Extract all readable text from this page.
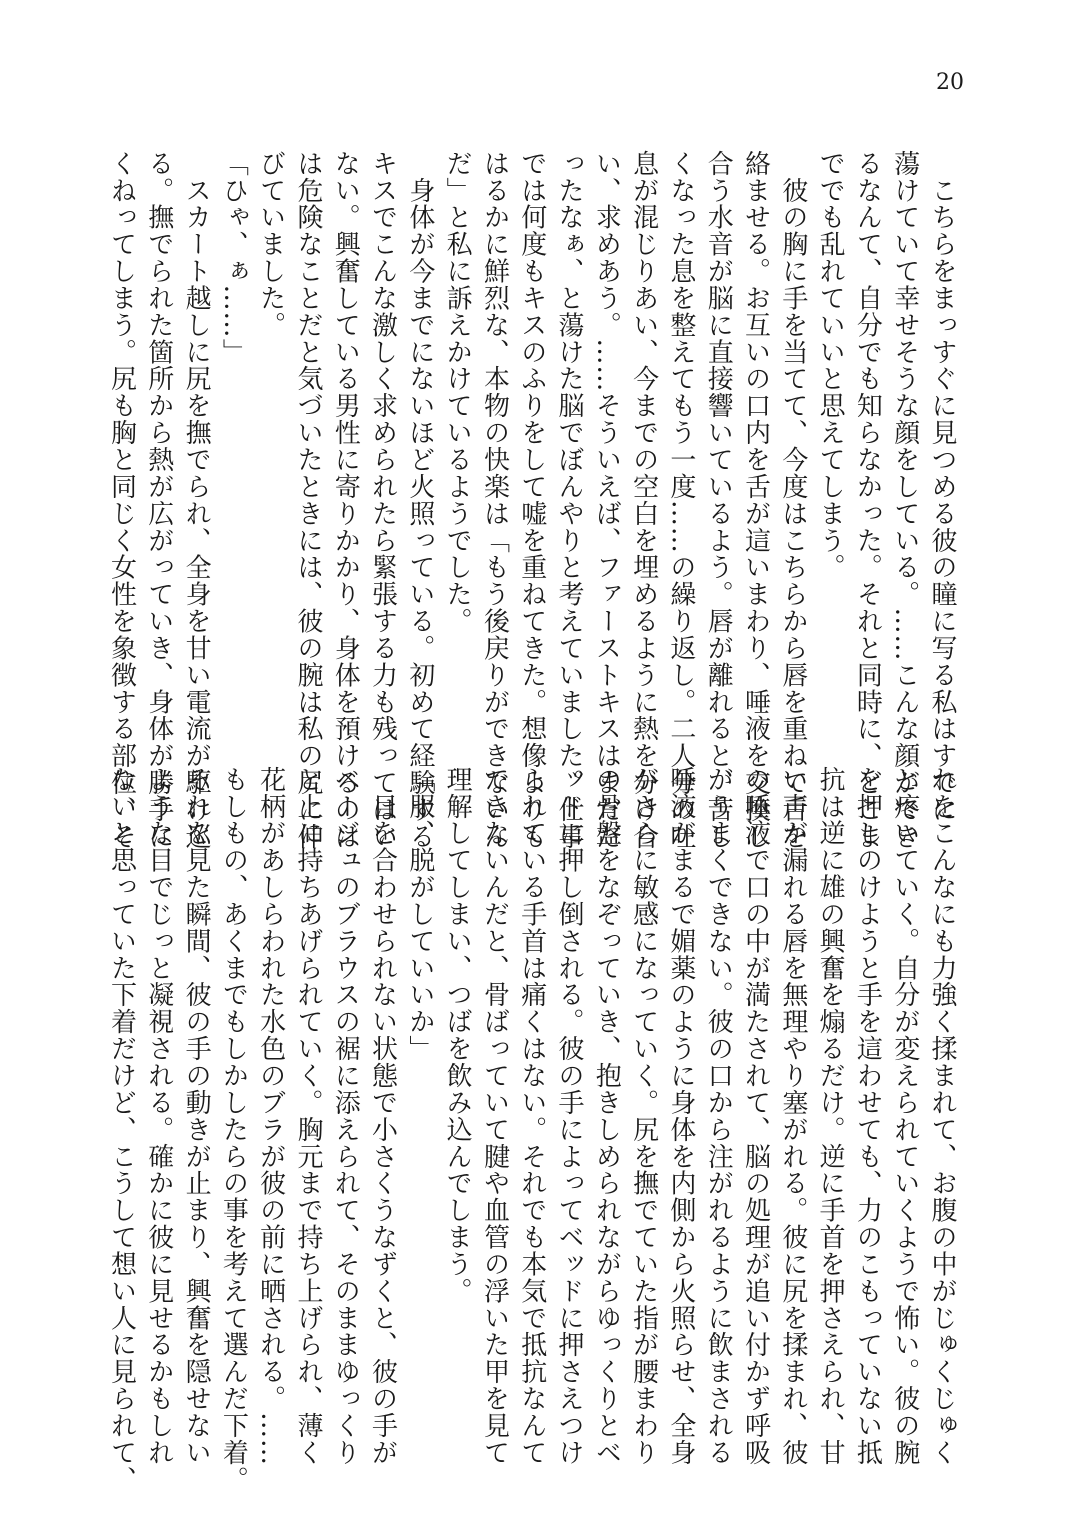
20
　こちらをまっすぐに見つめる彼の瞳に写る私はすでに
蕩けていて幸せそうな顔をしている。……こんな顔ができ
るなんて、自分でも知らなかった。それと同時に、どこま
ででも乱れていいと思えてしまう。
　彼の胸に手を当てて、今度はこちらから唇を重ねて舌を
絡ませる。お互いの口内を舌が這いまわり、唾液を交換し
合う水音が脳に直接響いているよう。唇が離れると、苦し
くなった息を整えてもう一度……の繰り返し。二人分の吐
息が混じりあい、今までの空白を埋めるように熱を分け合
い、求めあう。……そういえば、ファーストキスはまだだ
ったなぁ、と蕩けた脳でぼんやりと考えていました。仕事
では何度もキスのふりをして嘘を重ねてきた。想像よりも
はるかに鮮烈な、本物の快楽は「もう後戻りができないん
だ」と私に訴えかけているようでした。
　身体が今までにないほど火照っている。初めて経験する
キスでこんな激しく求められたら緊張する力も残ってはい
ない。興奮している男性に寄りかかり、身体を預けるのは
は危険なことだと気づいたときには、彼の腕は私の尻に伸
びていました。
「ひゃ、ぁ……」
　スカート越しに尻を撫でられ、全身を甘い電流が駆け巡
る。撫でられた箇所から熱が広がっていき、身体が勝手に
くねってしまう。尻も胸と同じく女性を象徴する部位、そ
れをこんなにも力強く揉まれて、お腹の中がじゅくじゅく
と疼いていく。自分が変えられていくようで怖い。彼の腕
を押しのけようと手を這わせても、力のこもっていない抵
抗は逆に雄の興奮を煽るだけ。逆に手首を押さえられ、甘
い声が漏れる唇を無理やり塞がれる。彼に尻を揉まれ、彼
の唾液で口の中が満たされて、脳の処理が追い付かず呼吸
がうまくできない。彼の口から注がれるように飲まされる
唾液がまるで媚薬のように身体を内側から火照らせ、全身
がさらに敏感になっていく。尻を撫でていた指が腰まわり
の骨盤をなぞっていき、抱きしめられながらゆっくりとベ
ッドに押し倒される。彼の手によってベッドに押さえつけ
られている手首は痛くはない。それでも本気で抵抗なんて
できないんだと、骨ばっていて腱や血管の浮いた甲を見て
理解してしまい、つばを飲み込んでしまう。
「服、脱がしていいか」
　目を合わせられない状態で小さくうなずくと、彼の手が
ベージュのブラウスの裾に添えられて、そのままゆっくり
と上に持ちあげられていく。胸元まで持ち上げられ、薄く
花柄があしらわれた水色のブラが彼の前に晒される。……
もしもの、あくまでもしかしたらの事を考えて選んだ下着。
それを見た瞬間、彼の手の動きが止まり、興奮を隠せない
ような目でじっと凝視される。確かに彼に見せるかもしれ
ないと思っていた下着だけど、こうして想い人に見られて、
